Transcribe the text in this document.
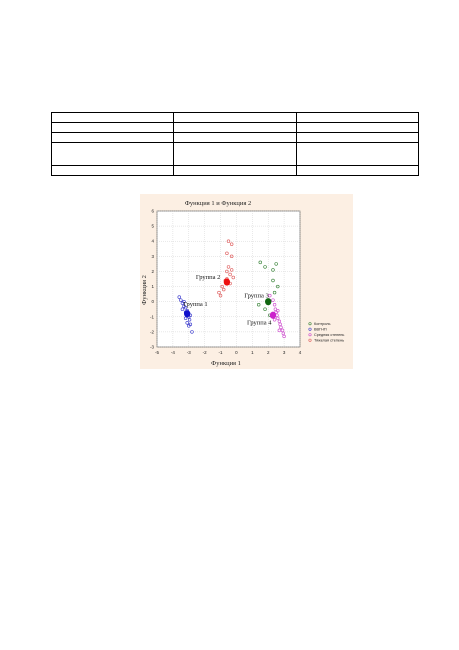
Функция 1 и Функция 2
Функция 1
Функция 2
-5	-4	-3	-2	-1	0	1	2	3	4
-3
-2
-1
0
1
2
3
4
5
6
Группа 1
Группа 2
Группа 3
Группа 4	Контроль
ВВГНП
Средняя степень
Тяжелая степень
